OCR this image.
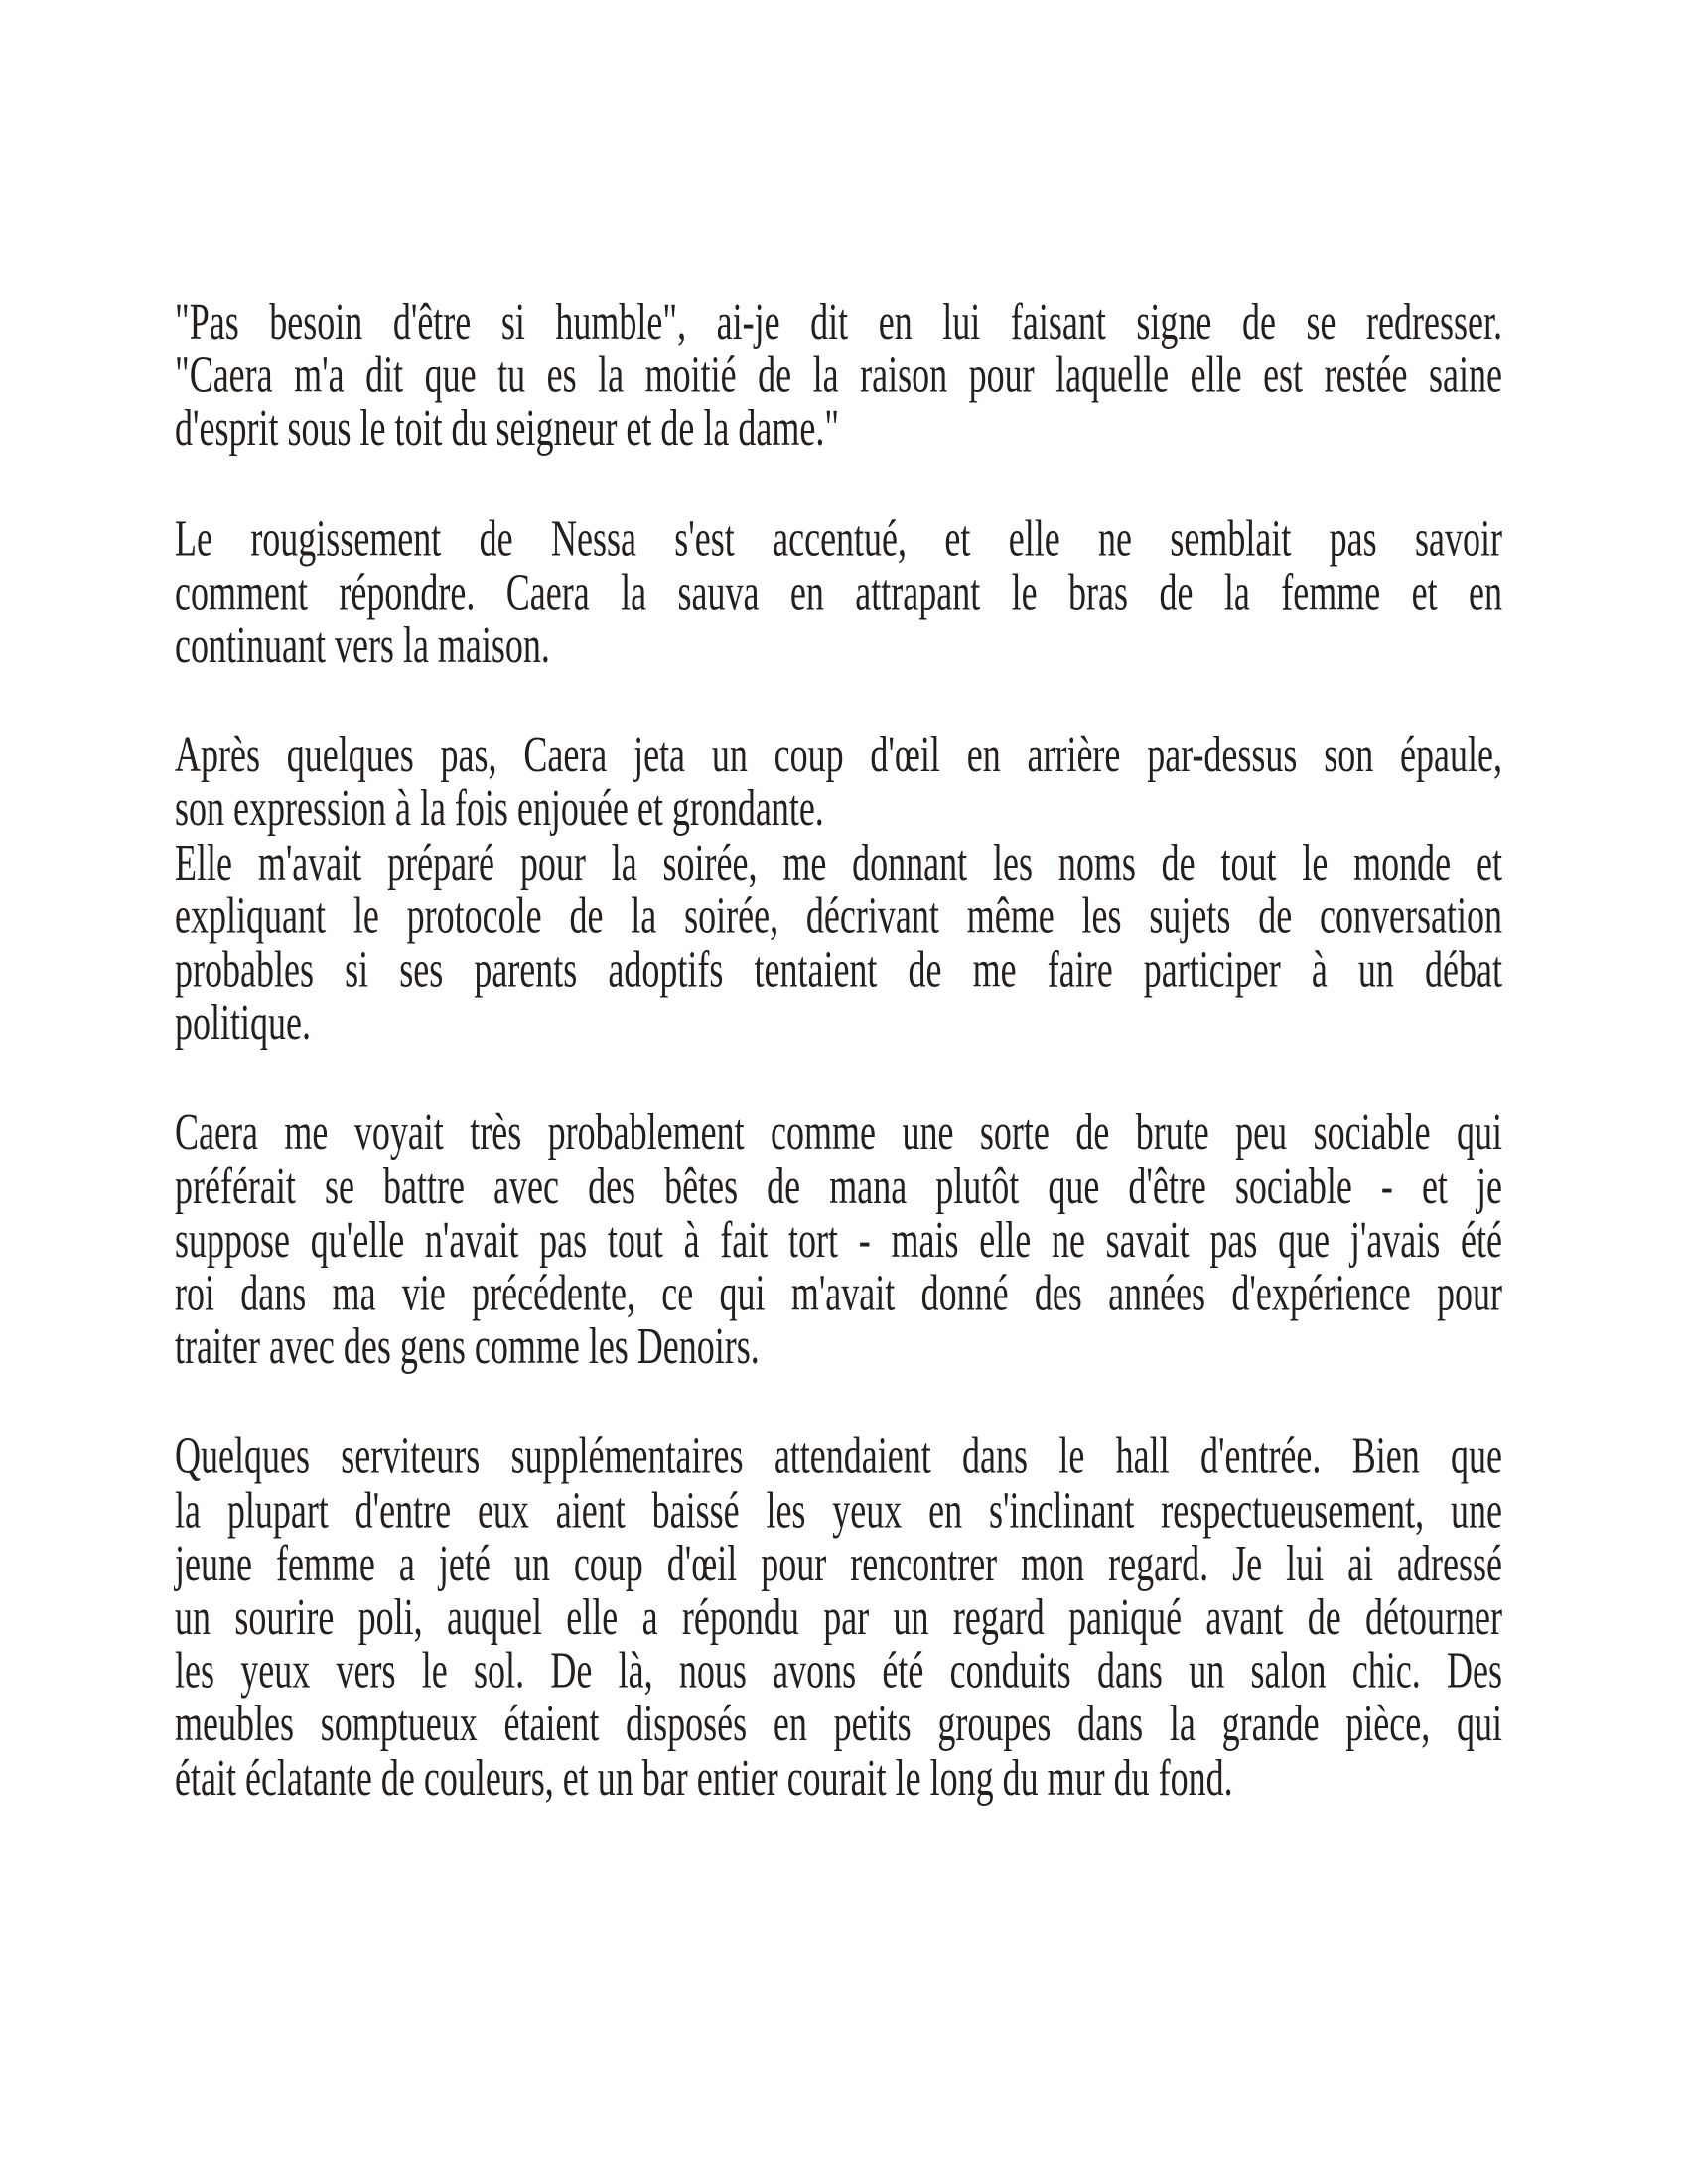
"Pas besoin d'être si humble", ai-je dit en lui faisant signe de se redresser.
"Caera m'a dit que tu es la moitié de la raison pour laquelle elle est restée saine
d'esprit sous le toit du seigneur et de la dame."
Le rougissement de Nessa s'est accentué, et elle ne semblait pas savoir
comment répondre. Caera la sauva en attrapant le bras de la femme et en
continuant vers la maison.
Après quelques pas, Caera jeta un coup d'œil en arrière par-dessus son épaule,
son expression à la fois enjouée et grondante.
Elle m'avait préparé pour la soirée, me donnant les noms de tout le monde et
expliquant le protocole de la soirée, décrivant même les sujets de conversation
probables si ses parents adoptifs tentaient de me faire participer à un débat
politique.
Caera me voyait très probablement comme une sorte de brute peu sociable qui
préférait se battre avec des bêtes de mana plutôt que d'être sociable - et je
suppose qu'elle n'avait pas tout à fait tort - mais elle ne savait pas que j'avais été
roi dans ma vie précédente, ce qui m'avait donné des années d'expérience pour
traiter avec des gens comme les Denoirs.
Quelques serviteurs supplémentaires attendaient dans le hall d'entrée. Bien que
la plupart d'entre eux aient baissé les yeux en s'inclinant respectueusement, une
jeune femme a jeté un coup d'œil pour rencontrer mon regard. Je lui ai adressé
un sourire poli, auquel elle a répondu par un regard paniqué avant de détourner
les yeux vers le sol. De là, nous avons été conduits dans un salon chic. Des
meubles somptueux étaient disposés en petits groupes dans la grande pièce, qui
était éclatante de couleurs, et un bar entier courait le long du mur du fond.
